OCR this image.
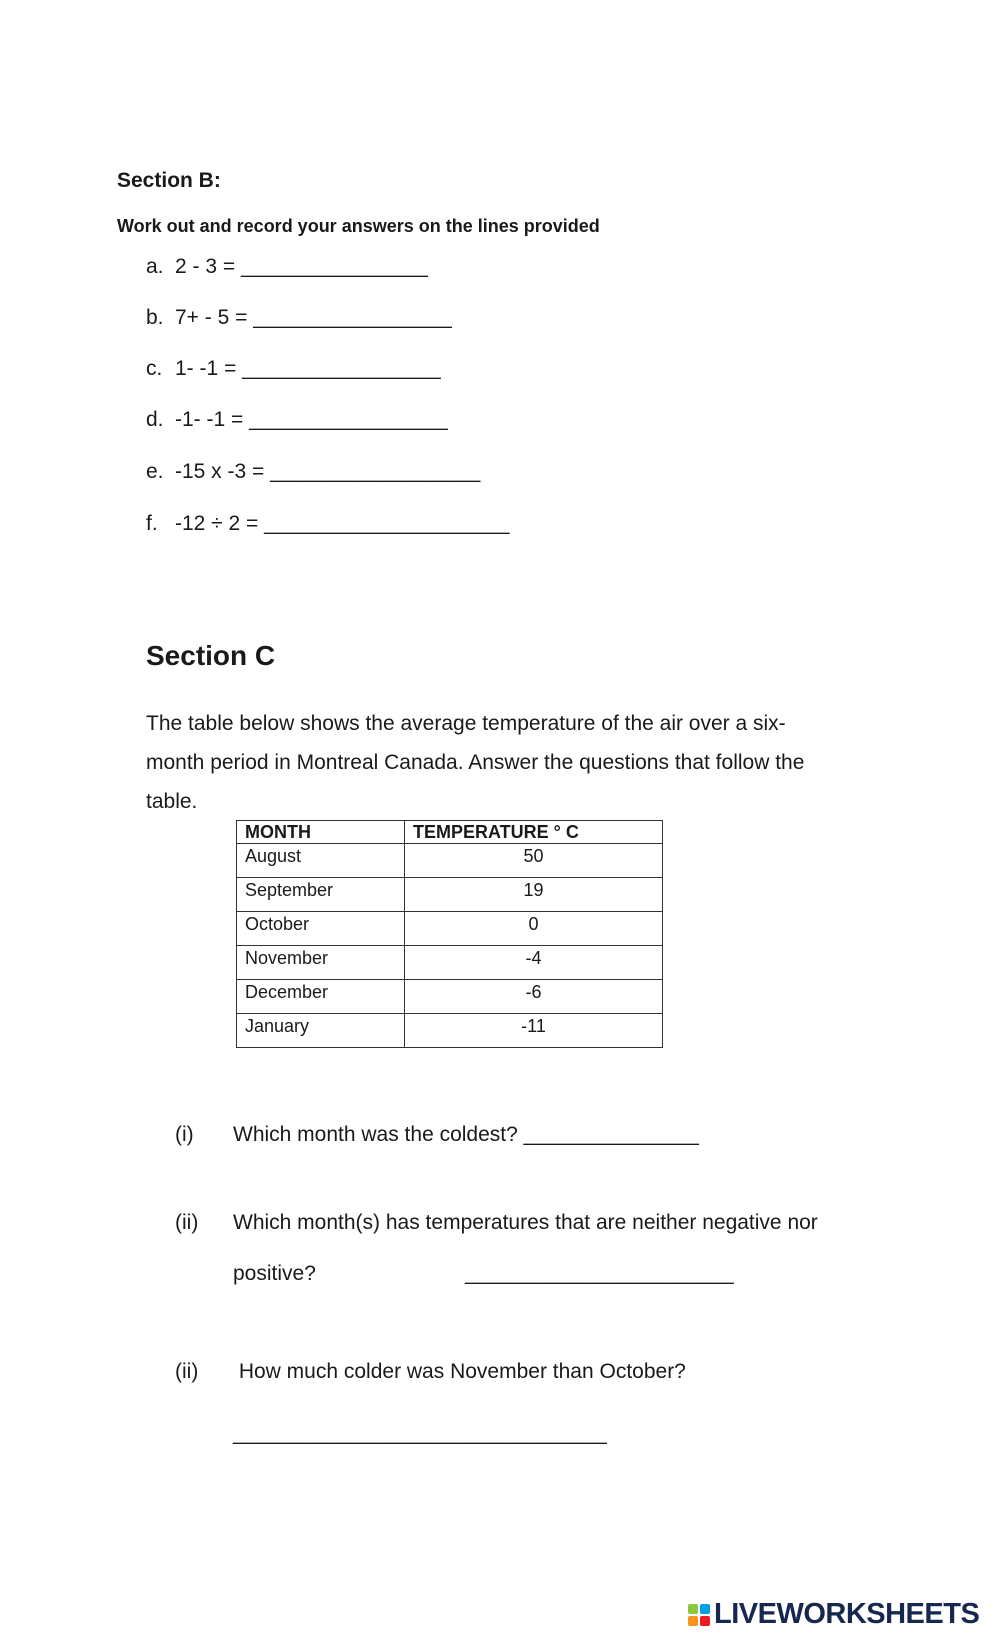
Section B:
Work out and record your answers on the lines provided
a. 2 - 3 = ________________
b. 7+ - 5 = _________________
c. 1- -1 = _________________
d. -1- -1 = _________________
e. -15 x -3 = __________________
f. -12 ÷ 2 = _____________________
Section C
The table below shows the average temperature of the air over a six-
month period in Montreal Canada. Answer the questions that follow the
table.
MONTH	TEMPERATURE ° C
August	50
September	19
October	0
November	-4
December	-6
January	-11
(i) Which month was the coldest? _______________
(ii) Which month(s) has temperatures that are neither negative nor
positive?	_______________________
(ii) How much colder was November than October?
________________________________
LIVEWORKSHEETS
